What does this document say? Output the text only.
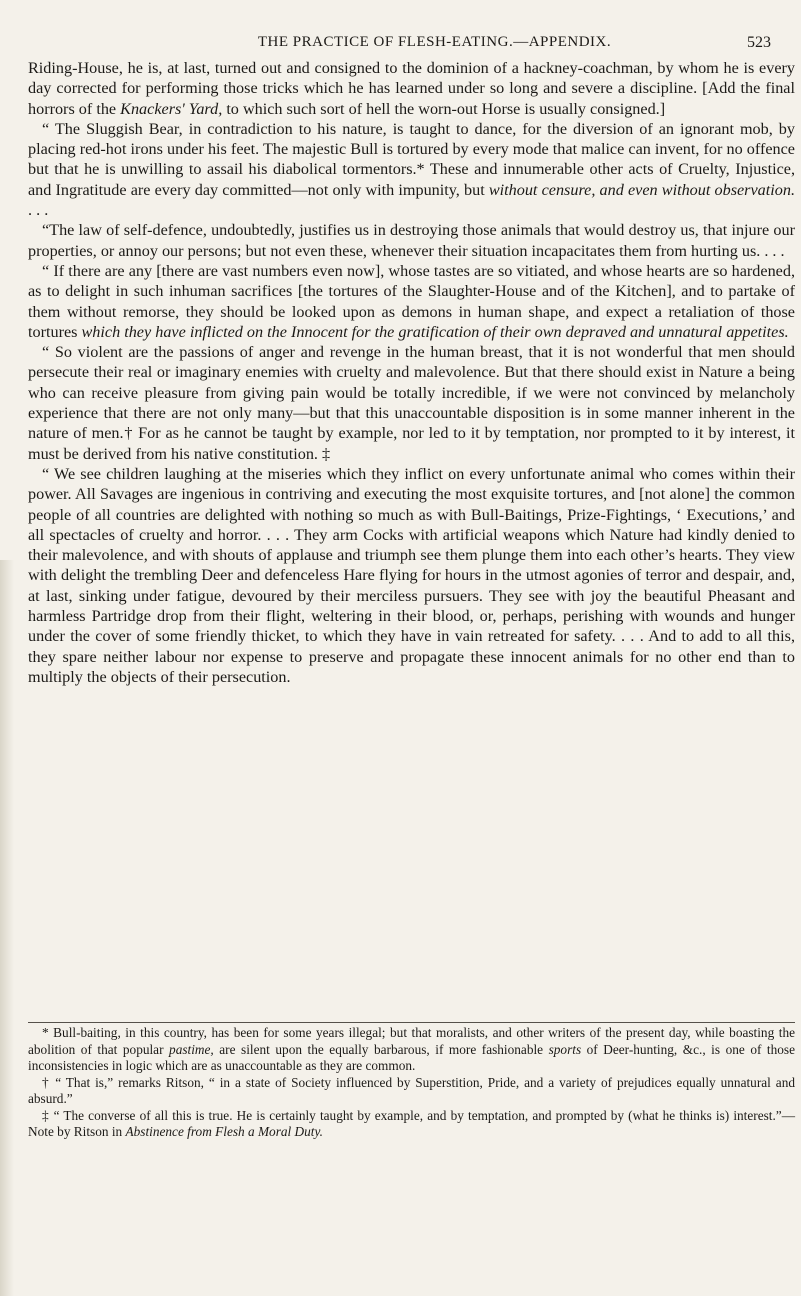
THE PRACTICE OF FLESH-EATING.—APPENDIX.	523

Riding-House, he is, at last, turned out and consigned to the dominion of a hackney-coachman, by whom he is every day corrected for performing those tricks which he has learned under so long and severe a discipline. [Add the final horrors of the Knackers' Yard, to which such sort of hell the worn-out Horse is usually consigned.]

“ The Sluggish Bear, in contradiction to his nature, is taught to dance, for the diversion of an ignorant mob, by placing red-hot irons under his feet. The majestic Bull is tortured by every mode that malice can invent, for no offence but that he is unwilling to assail his diabolical tormentors.* These and innumerable other acts of Cruelty, Injustice, and Ingratitude are every day committed—not only with impunity, but without censure, and even without observation. . . .

“The law of self-defence, undoubtedly, justifies us in destroying those animals that would destroy us, that injure our properties, or annoy our persons; but not even these, whenever their situation incapacitates them from hurting us. . . .

“ If there are any [there are vast numbers even now], whose tastes are so vitiated, and whose hearts are so hardened, as to delight in such inhuman sacrifices [the tortures of the Slaughter-House and of the Kitchen], and to partake of them without remorse, they should be looked upon as demons in human shape, and expect a retaliation of those tortures which they have inflicted on the Innocent for the gratification of their own depraved and unnatural appetites.

“ So violent are the passions of anger and revenge in the human breast, that it is not wonderful that men should persecute their real or imaginary enemies with cruelty and malevolence. But that there should exist in Nature a being who can receive pleasure from giving pain would be totally incredible, if we were not convinced by melancholy experience that there are not only many—but that this unaccountable disposition is in some manner inherent in the nature of men.† For as he cannot be taught by example, nor led to it by temptation, nor prompted to it by interest, it must be derived from his native constitution. ‡

“ We see children laughing at the miseries which they inflict on every unfortunate animal who comes within their power. All Savages are ingenious in contriving and executing the most exquisite tortures, and [not alone] the common people of all countries are delighted with nothing so much as with Bull-Baitings, Prize-Fightings, ‘ Executions,’ and all spectacles of cruelty and horror. . . . They arm Cocks with artificial weapons which Nature had kindly denied to their malevolence, and with shouts of applause and triumph see them plunge them into each other’s hearts. They view with delight the trembling Deer and defenceless Hare flying for hours in the utmost agonies of terror and despair, and, at last, sinking under fatigue, devoured by their merciless pursuers. They see with joy the beautiful Pheasant and harmless Partridge drop from their flight, weltering in their blood, or, perhaps, perishing with wounds and hunger under the cover of some friendly thicket, to which they have in vain retreated for safety. . . . And to add to all this, they spare neither labour nor expense to preserve and propagate these innocent animals for no other end than to multiply the objects of their persecution.

* Bull-baiting, in this country, has been for some years illegal; but that moralists, and other writers of the present day, while boasting the abolition of that popular pastime, are silent upon the equally barbarous, if more fashionable sports of Deer-hunting, &c., is one of those inconsistencies in logic which are as unaccountable as they are common.

† “ That is,” remarks Ritson, “ in a state of Society influenced by Superstition, Pride, and a variety of prejudices equally unnatural and absurd.”

‡ “ The converse of all this is true. He is certainly taught by example, and by temptation, and prompted by (what he thinks is) interest.”—Note by Ritson in Abstinence from Flesh a Moral Duty.
